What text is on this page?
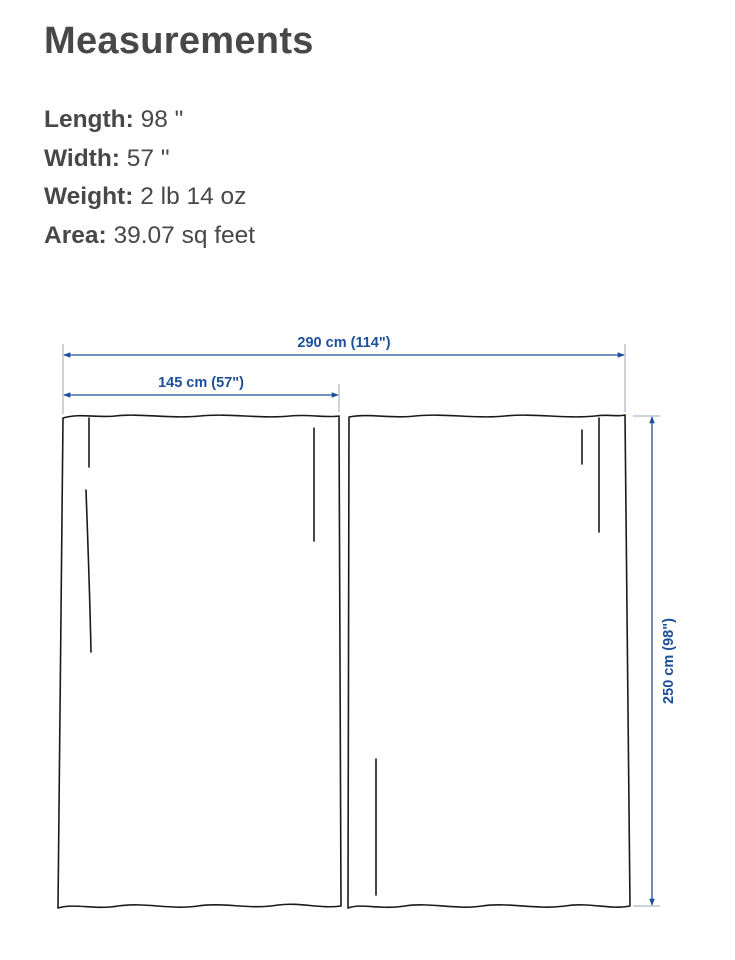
Measurements
Length: 98 "
Width: 57 "
Weight: 2 lb 14 oz
Area: 39.07 sq feet
290 cm (114")
145 cm (57")
250 cm (98")
